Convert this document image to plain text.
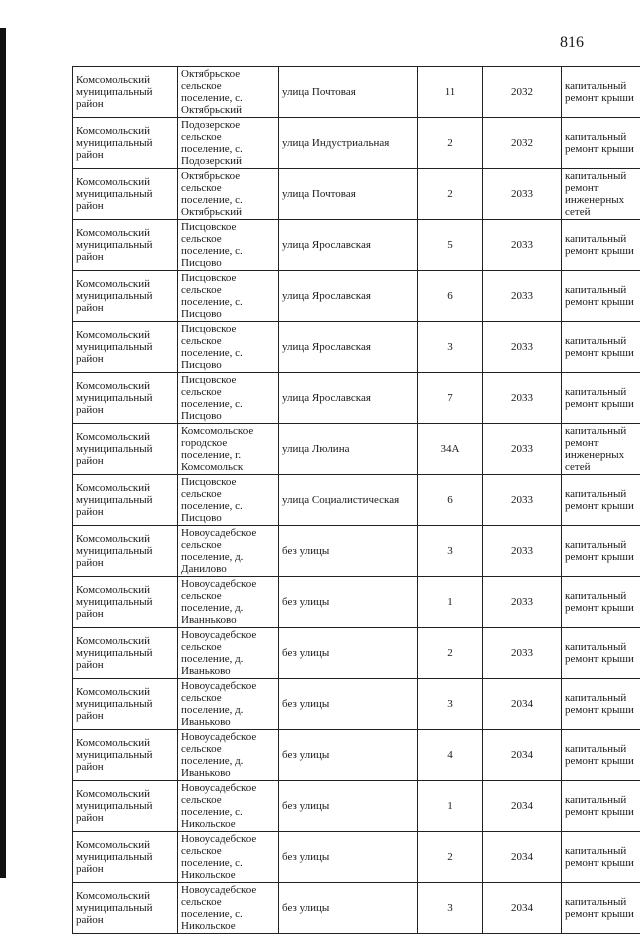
816
Комсомольский муниципальный район	Октябрьское сельское поселение, с. Октябрьский	улица Почтовая	11	2032	капитальный ремонт крыши
Комсомольский муниципальный район	Подозерское сельское поселение, с. Подозерский	улица Индустриальная	2	2032	капитальный ремонт крыши
Комсомольский муниципальный район	Октябрьское сельское поселение, с. Октябрьский	улица Почтовая	2	2033	капитальный ремонт инженерных сетей
Комсомольский муниципальный район	Писцовское сельское поселение, с. Писцово	улица Ярославская	5	2033	капитальный ремонт крыши
Комсомольский муниципальный район	Писцовское сельское поселение, с. Писцово	улица Ярославская	6	2033	капитальный ремонт крыши
Комсомольский муниципальный район	Писцовское сельское поселение, с. Писцово	улица Ярославская	3	2033	капитальный ремонт крыши
Комсомольский муниципальный район	Писцовское сельское поселение, с. Писцово	улица Ярославская	7	2033	капитальный ремонт крыши
Комсомольский муниципальный район	Комсомольское городское поселение, г. Комсомольск	улица Люлина	34А	2033	капитальный ремонт инженерных сетей
Комсомольский муниципальный район	Писцовское сельское поселение, с. Писцово	улица Социалистическая	6	2033	капитальный ремонт крыши
Комсомольский муниципальный район	Новоусадебское сельское поселение, д. Данилово	без улицы	3	2033	капитальный ремонт крыши
Комсомольский муниципальный район	Новоусадебское сельское поселение, д. Иванньково	без улицы	1	2033	капитальный ремонт крыши
Комсомольский муниципальный район	Новоусадебское сельское поселение, д. Иваньково	без улицы	2	2033	капитальный ремонт крыши
Комсомольский муниципальный район	Новоусадебское сельское поселение, д. Иваньково	без улицы	3	2034	капитальный ремонт крыши
Комсомольский муниципальный район	Новоусадебское сельское поселение, д. Иваньково	без улицы	4	2034	капитальный ремонт крыши
Комсомольский муниципальный район	Новоусадебское сельское поселение, с. Никольское	без улицы	1	2034	капитальный ремонт крыши
Комсомольский муниципальный район	Новоусадебское сельское поселение, с. Никольское	без улицы	2	2034	капитальный ремонт крыши
Комсомольский муниципальный район	Новоусадебское сельское поселение, с. Никольское	без улицы	3	2034	капитальный ремонт крыши
